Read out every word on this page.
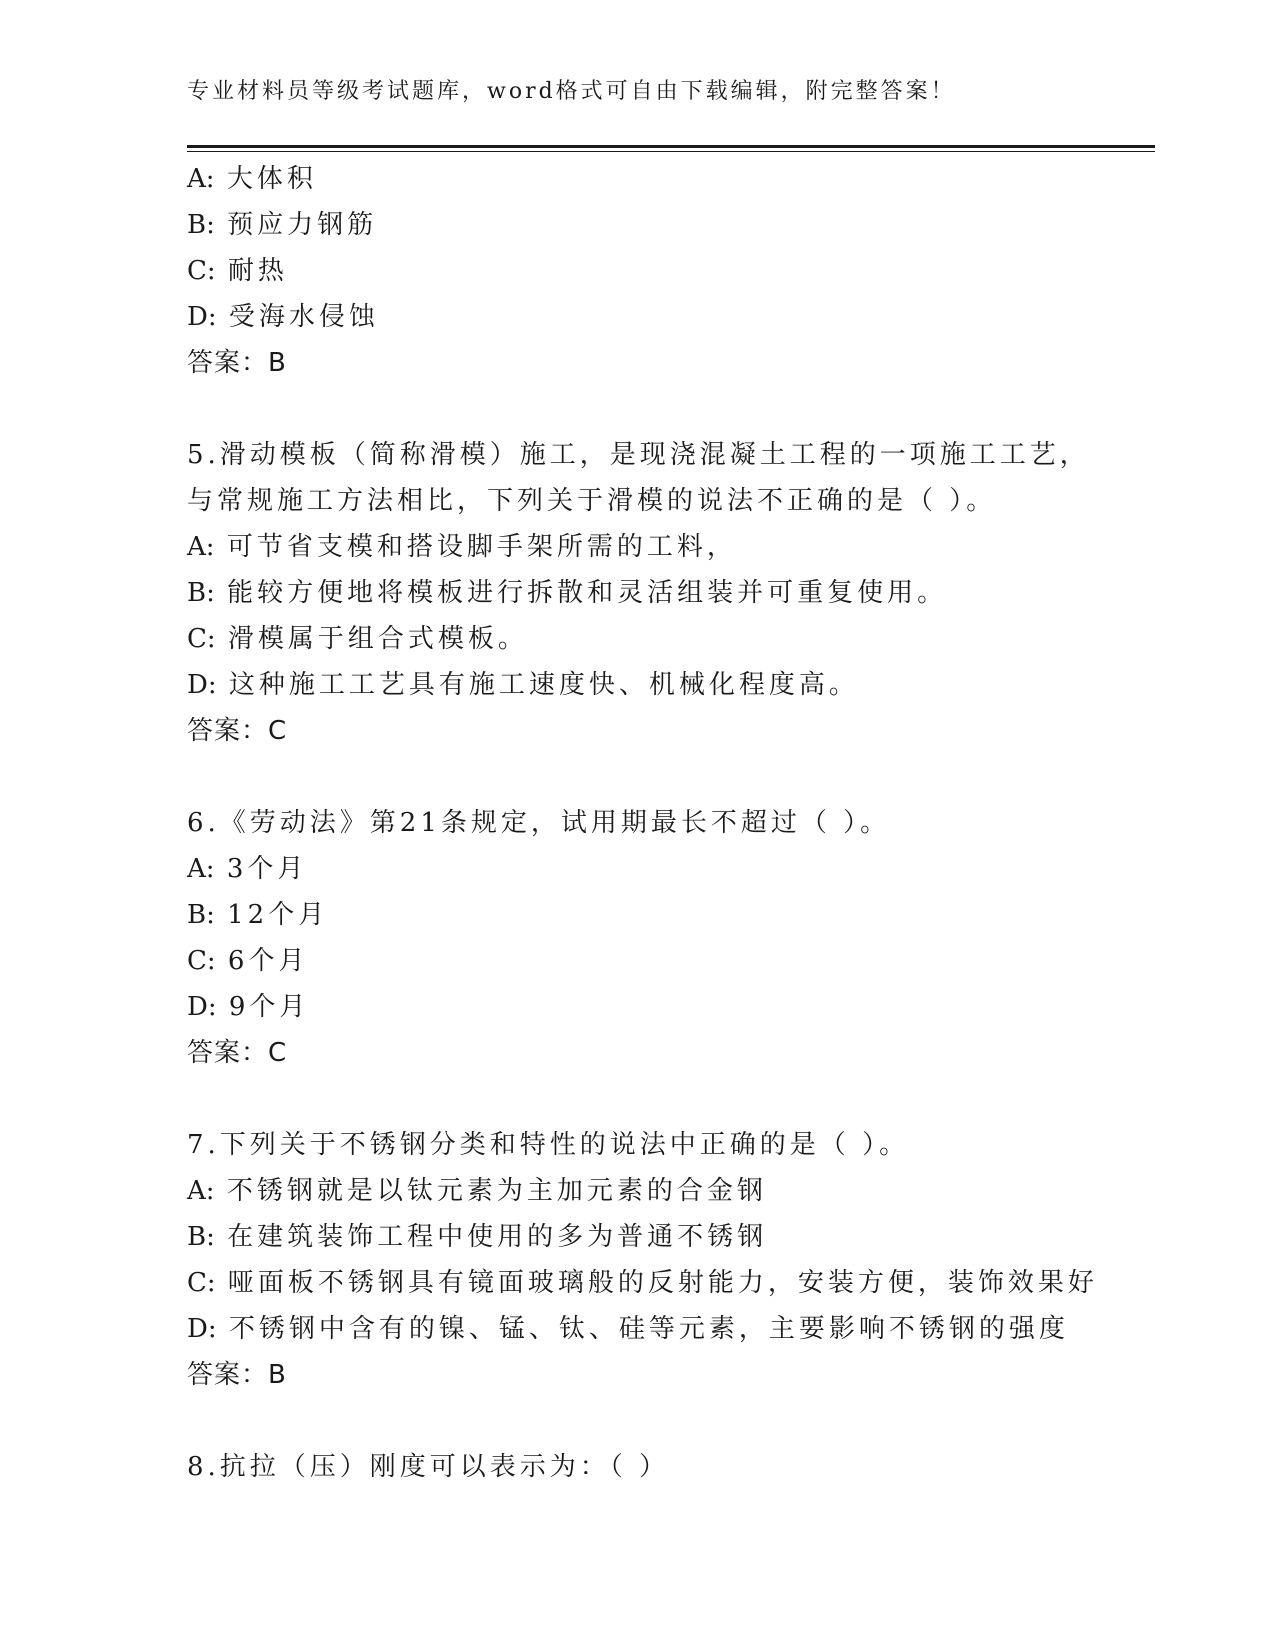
专业材料员等级考试题库，word格式可自由下载编辑，附完整答案！
A: 大体积
B: 预应力钢筋
C: 耐热
D: 受海水侵蚀
答案：B
5.滑动模板（简称滑模）施工，是现浇混凝土工程的一项施工工艺，
与常规施工方法相比，下列关于滑模的说法不正确的是（ ）。
A: 可节省支模和搭设脚手架所需的工料，
B: 能较方便地将模板进行拆散和灵活组装并可重复使用。
C: 滑模属于组合式模板。
D: 这种施工工艺具有施工速度快、机械化程度高。
答案：C
6.《劳动法》第21条规定，试用期最长不超过（ ）。
A: 3个月
B: 12个月
C: 6个月
D: 9个月
答案：C
7.下列关于不锈钢分类和特性的说法中正确的是（ ）。
A: 不锈钢就是以钛元素为主加元素的合金钢
B: 在建筑装饰工程中使用的多为普通不锈钢
C: 哑面板不锈钢具有镜面玻璃般的反射能力，安装方便，装饰效果好
D: 不锈钢中含有的镍、锰、钛、硅等元素，主要影响不锈钢的强度
答案：B
8.抗拉（压）刚度可以表示为：（ ）
